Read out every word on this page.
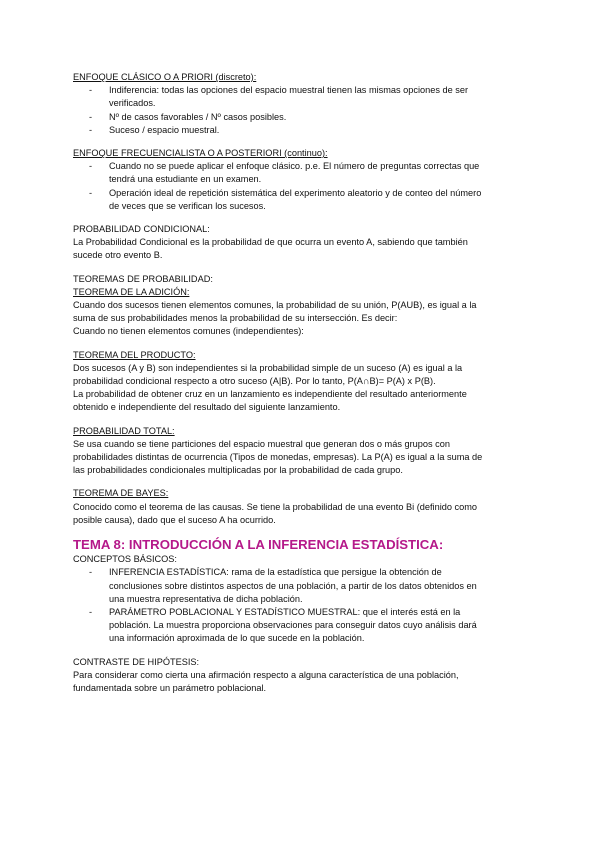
ENFOQUE CLÁSICO O A PRIORI (discreto):
- Indiferencia: todas las opciones del espacio muestral tienen las mismas opciones de ser
verificados.
- Nº de casos favorables / Nº casos posibles.
- Suceso / espacio muestral.
ENFOQUE FRECUENCIALISTA O A POSTERIORI (continuo):
- Cuando no se puede aplicar el enfoque clásico. p.e. El número de preguntas correctas que
tendrá una estudiante en un examen.
- Operación ideal de repetición sistemática del experimento aleatorio y de conteo del número
de veces que se verifican los sucesos.
PROBABILIDAD CONDICIONAL:
La Probabilidad Condicional es la probabilidad de que ocurra un evento A, sabiendo que también
sucede otro evento B.
TEOREMAS DE PROBABILIDAD:
TEOREMA DE LA ADICIÓN:
Cuando dos sucesos tienen elementos comunes, la probabilidad de su unión, P(AUB), es igual a la
suma de sus probabilidades menos la probabilidad de su intersección. Es decir:
Cuando no tienen elementos comunes (independientes):
TEOREMA DEL PRODUCTO:
Dos sucesos (A y B) son independientes si la probabilidad simple de un suceso (A) es igual a la
probabilidad condicional respecto a otro suceso (A|B). Por lo tanto, P(A∩B)= P(A) x P(B).
La probabilidad de obtener cruz en un lanzamiento es independiente del resultado anteriormente
obtenido e independiente del resultado del siguiente lanzamiento.
PROBABILIDAD TOTAL:
Se usa cuando se tiene particiones del espacio muestral que generan dos o más grupos con
probabilidades distintas de ocurrencia (Tipos de monedas, empresas). La P(A) es igual a la suma de
las probabilidades condicionales multiplicadas por la probabilidad de cada grupo.
TEOREMA DE BAYES:
Conocido como el teorema de las causas. Se tiene la probabilidad de una evento Bi (definido como
posible causa), dado que el suceso A ha ocurrido.
TEMA 8: INTRODUCCIÓN A LA INFERENCIA ESTADÍSTICA:
CONCEPTOS BÁSICOS:
- INFERENCIA ESTADÍSTICA: rama de la estadística que persigue la obtención de
conclusiones sobre distintos aspectos de una población, a partir de los datos obtenidos en
una muestra representativa de dicha población.
- PARÁMETRO POBLACIONAL Y ESTADÍSTICO MUESTRAL: que el interés está en la
población. La muestra proporciona observaciones para conseguir datos cuyo análisis dará
una información aproximada de lo que sucede en la población.
CONTRASTE DE HIPÓTESIS:
Para considerar como cierta una afirmación respecto a alguna característica de una población,
fundamentada sobre un parámetro poblacional.
